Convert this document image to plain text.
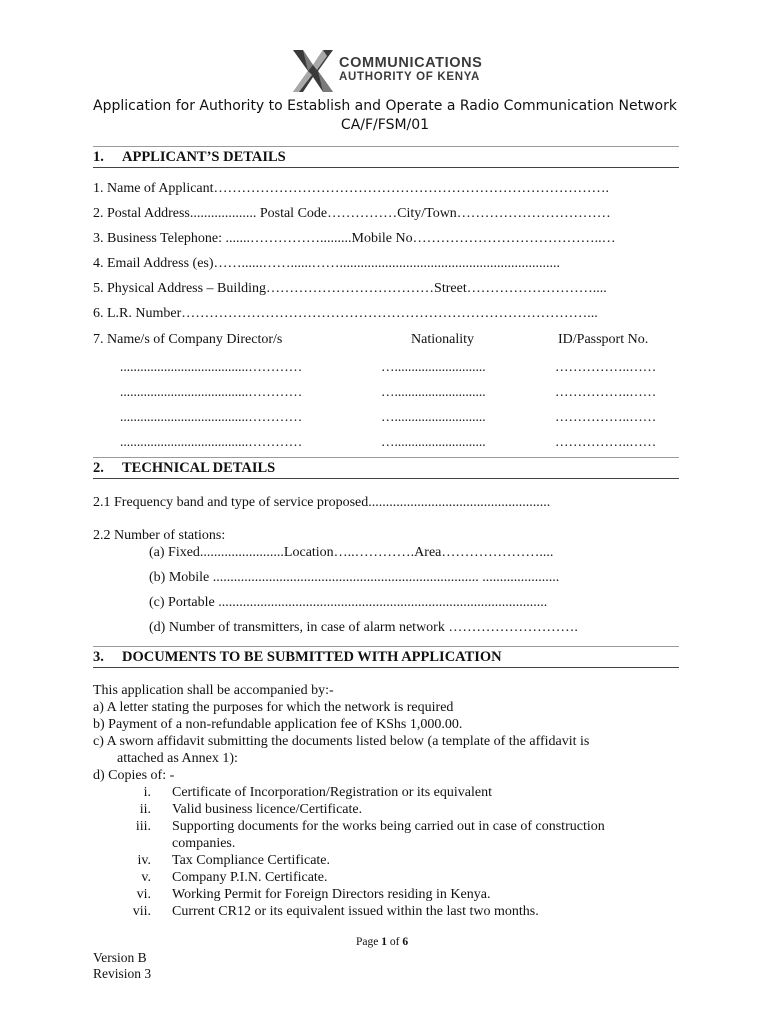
COMMUNICATIONS
AUTHORITY OF KENYA
Application for Authority to Establish and Operate a Radio Communication Network
CA/F/FSM/01
1. APPLICANT’S DETAILS
1. Name of Applicant………………………………………………………………………….
2. Postal Address................... Postal Code……………City/Town……………………………
3. Business Telephone: .......…………….........Mobile No…………………………………..…
4. Email Address (es)……......……......……...............................................................
5. Physical Address – Building………………………………Street………………………....
6. L.R. Number……………………………………………………………………………...
7. Name/s of Company Director/s	Nationality	ID/Passport No.
......................................…………	…...........................	……………..……
......................................…………	…...........................	……………..……
......................................…………	…...........................	……………..……
......................................…………	…...........................	……………..……
2. TECHNICAL DETAILS
2.1 Frequency band and type of service proposed....................................................
2.2 Number of stations:
(a) Fixed........................Location…..………….Area…………………....
(b) Mobile ............................................................................ ......................
(c) Portable ..............................................................................................
(d) Number of transmitters, in case of alarm network ……………………….
3. DOCUMENTS TO BE SUBMITTED WITH APPLICATION
This application shall be accompanied by:-
a) A letter stating the purposes for which the network is required
b) Payment of a non-refundable application fee of KShs 1,000.00.
c) A sworn affidavit submitting the documents listed below (a template of the affidavit is
attached as Annex 1):
d) Copies of: -
i. Certificate of Incorporation/Registration or its equivalent
ii. Valid business licence/Certificate.
iii. Supporting documents for the works being carried out in case of construction
companies.
iv. Tax Compliance Certificate.
v. Company P.I.N. Certificate.
vi. Working Permit for Foreign Directors residing in Kenya.
vii. Current CR12 or its equivalent issued within the last two months.
Page 1 of 6
Version B
Revision 3
